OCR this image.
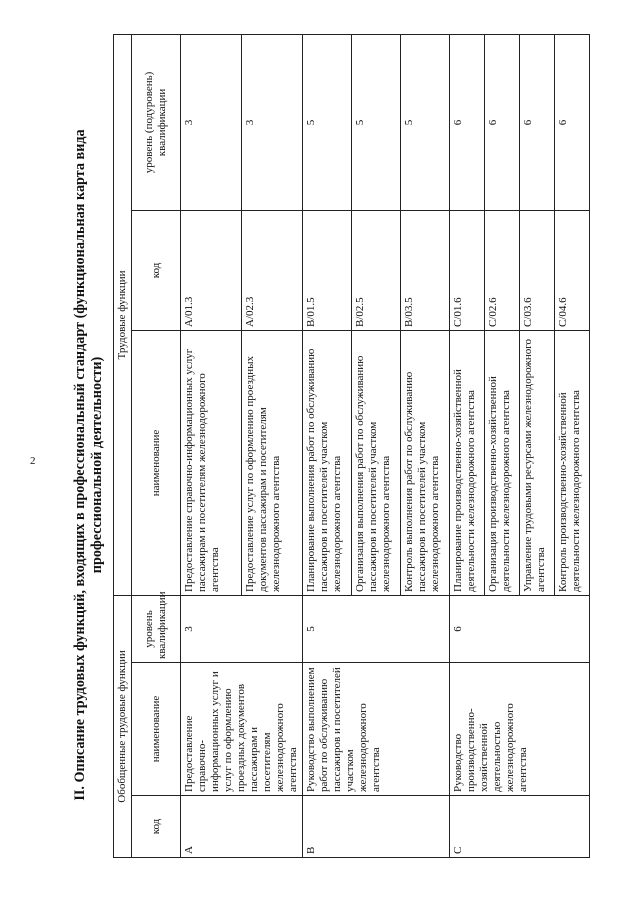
2	II. Описание трудовых функций, входящих в профессиональный стандарт (функциональная карта вида профессиональной деятельности)
Обобщенные трудовые функции			Трудовые функции		
код	наименование	уровень квалификации	наименование	код	уровень (подуровень) квалификации
A	Предоставление справочно-информационных услуг и услуг по оформлению проездных документов пассажирам и посетителям железнодорожного агентства	3	Предоставление справочно-информационных услуг пассажирам и посетителям железнодорожного агентства	A/01.3	3
			Предоставление услуг по оформлению проездных документов пассажирам и посетителям железнодорожного агентства	A/02.3	3
B	Руководство выполнением работ по обслуживанию пассажиров и посетителей участком железнодорожного агентства	5	Планирование выполнения работ по обслуживанию пассажиров и посетителей участком железнодорожного агентства	B/01.5	5
			Организация выполнения работ по обслуживанию пассажиров и посетителей участком железнодорожного агентства	B/02.5	5
			Контроль выполнения работ по обслуживанию пассажиров и посетителей участком железнодорожного агентства	B/03.5	5
C	Руководство производственно-хозяйственной деятельностью железнодорожного агентства	6	Планирование производственно-хозяйственной деятельности железнодорожного агентства	C/01.6	6
			Организация производственно-хозяйственной деятельности железнодорожного агентства	C/02.6	6
			Управление трудовыми ресурсами железнодорожного агентства	C/03.6	6
			Контроль производственно-хозяйственной деятельности железнодорожного агентства	C/04.6	6
